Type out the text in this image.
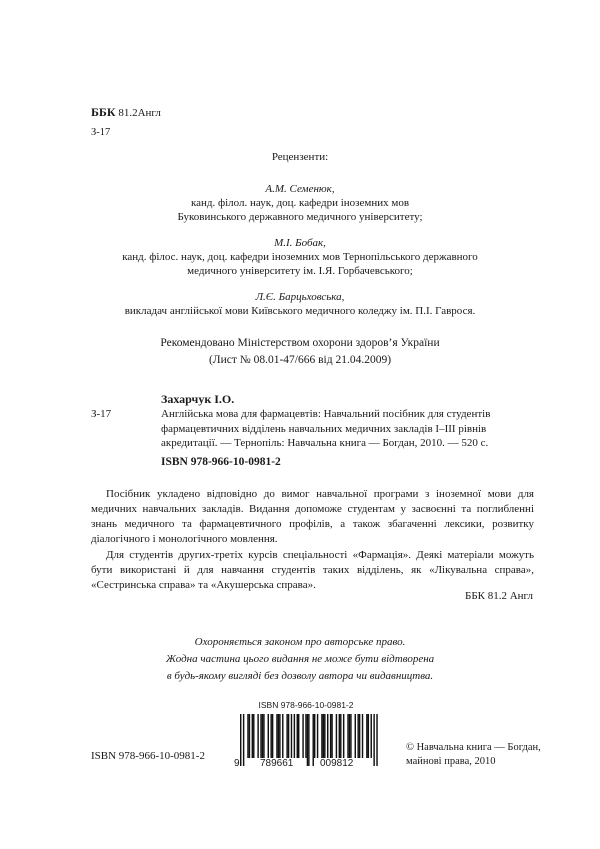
ББК 81.2Англ
З-17
Рецензенти:
А.М. Семенюк,
канд. філол. наук, доц. кафедри іноземних мов
Буковинського державного медичного університету;
М.І. Бобак,
канд. філос. наук, доц. кафедри іноземних мов Тернопільського державного
медичного університету ім. І.Я. Горбачевського;
Л.Є. Барцьховська,
викладач англійської мови Київського медичного коледжу ім. П.І. Гаврося.
Рекомендовано Міністерством охорони здоров’я України
(Лист № 08.01-47/666 від 21.04.2009)
Захарчук І.О.
З-17	Англійська мова для фармацевтів: Навчальний посібник для студентів фармацевтичних відділень навчальних медичних закладів I–III рівнів акредитації. — Тернопіль: Навчальна книга — Богдан, 2010. — 520 с.
ISBN 978-966-10-0981-2
Посібник укладено відповідно до вимог навчальної програми з іноземної мови для медичних навчальних закладів. Видання допоможе студентам у засвоєнні та поглибленні знань медичного та фармацевтичного профілів, а також збагаченні лексики, розвитку діалогічного і монологічного мовлення.
Для студентів других-третіх курсів спеціальності «Фармація». Деякі матеріали можуть бути використані й для навчання студентів таких відділень, як «Лікувальна справа», «Сестринська справа» та «Акушерська справа».
ББК 81.2 Англ
Охороняється законом про авторське право.
Жодна частина цього видання не може бути відтворена
в будь-якому вигляді без дозволу автора чи видавництва.
ISBN 978-966-10-0981-2
9 789661	009812
ISBN 978-966-10-0981-2
© Навчальна книга — Богдан,
майнові права, 2010
